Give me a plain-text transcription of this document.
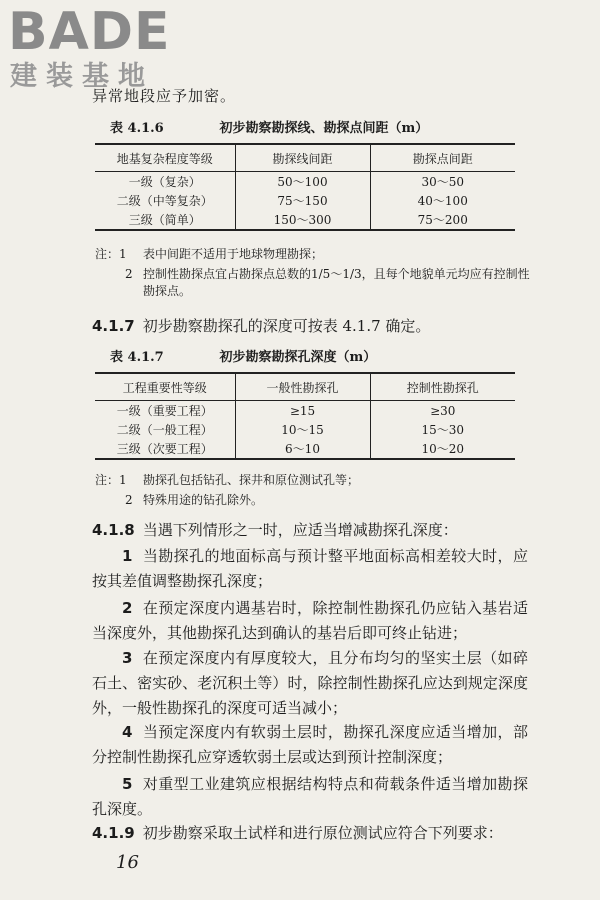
BADE
建装基地
异常地段应予加密。
表 4.1.6	初步勘察勘探线、勘探点间距（m）
地基复杂程度等级	勘探线间距	勘探点间距
一级（复杂）	50～100	30～50
二级（中等复杂）	75～150	40～100
三级（简单）	150～300	75～200
注：1	表中间距不适用于地球物理勘探；
2 控制性勘探点宜占勘探点总数的1/5～1/3，且每个地貌单元均应有控制性勘探点。
4.1.7 初步勘察勘探孔的深度可按表 4.1.7 确定。
表 4.1.7	初步勘察勘探孔深度（m）
工程重要性等级	一般性勘探孔	控制性勘探孔
一级（重要工程）	≥15	≥30
二级（一般工程）	10～15	15～30
三级（次要工程）	6～10	10～20
注：1	勘探孔包括钻孔、探井和原位测试孔等；
2 特殊用途的钻孔除外。
4.1.8 当遇下列情形之一时，应适当增减勘探孔深度：
1 当勘探孔的地面标高与预计整平地面标高相差较大时，应按其差值调整勘探孔深度；
2 在预定深度内遇基岩时，除控制性勘探孔仍应钻入基岩适当深度外，其他勘探孔达到确认的基岩后即可终止钻进；
3 在预定深度内有厚度较大，且分布均匀的坚实土层（如碎石土、密实砂、老沉积土等）时，除控制性勘探孔应达到规定深度外，一般性勘探孔的深度可适当减小；
4 当预定深度内有软弱土层时，勘探孔深度应适当增加，部分控制性勘探孔应穿透软弱土层或达到预计控制深度；
5 对重型工业建筑应根据结构特点和荷载条件适当增加勘探孔深度。
4.1.9 初步勘察采取土试样和进行原位测试应符合下列要求：
16
